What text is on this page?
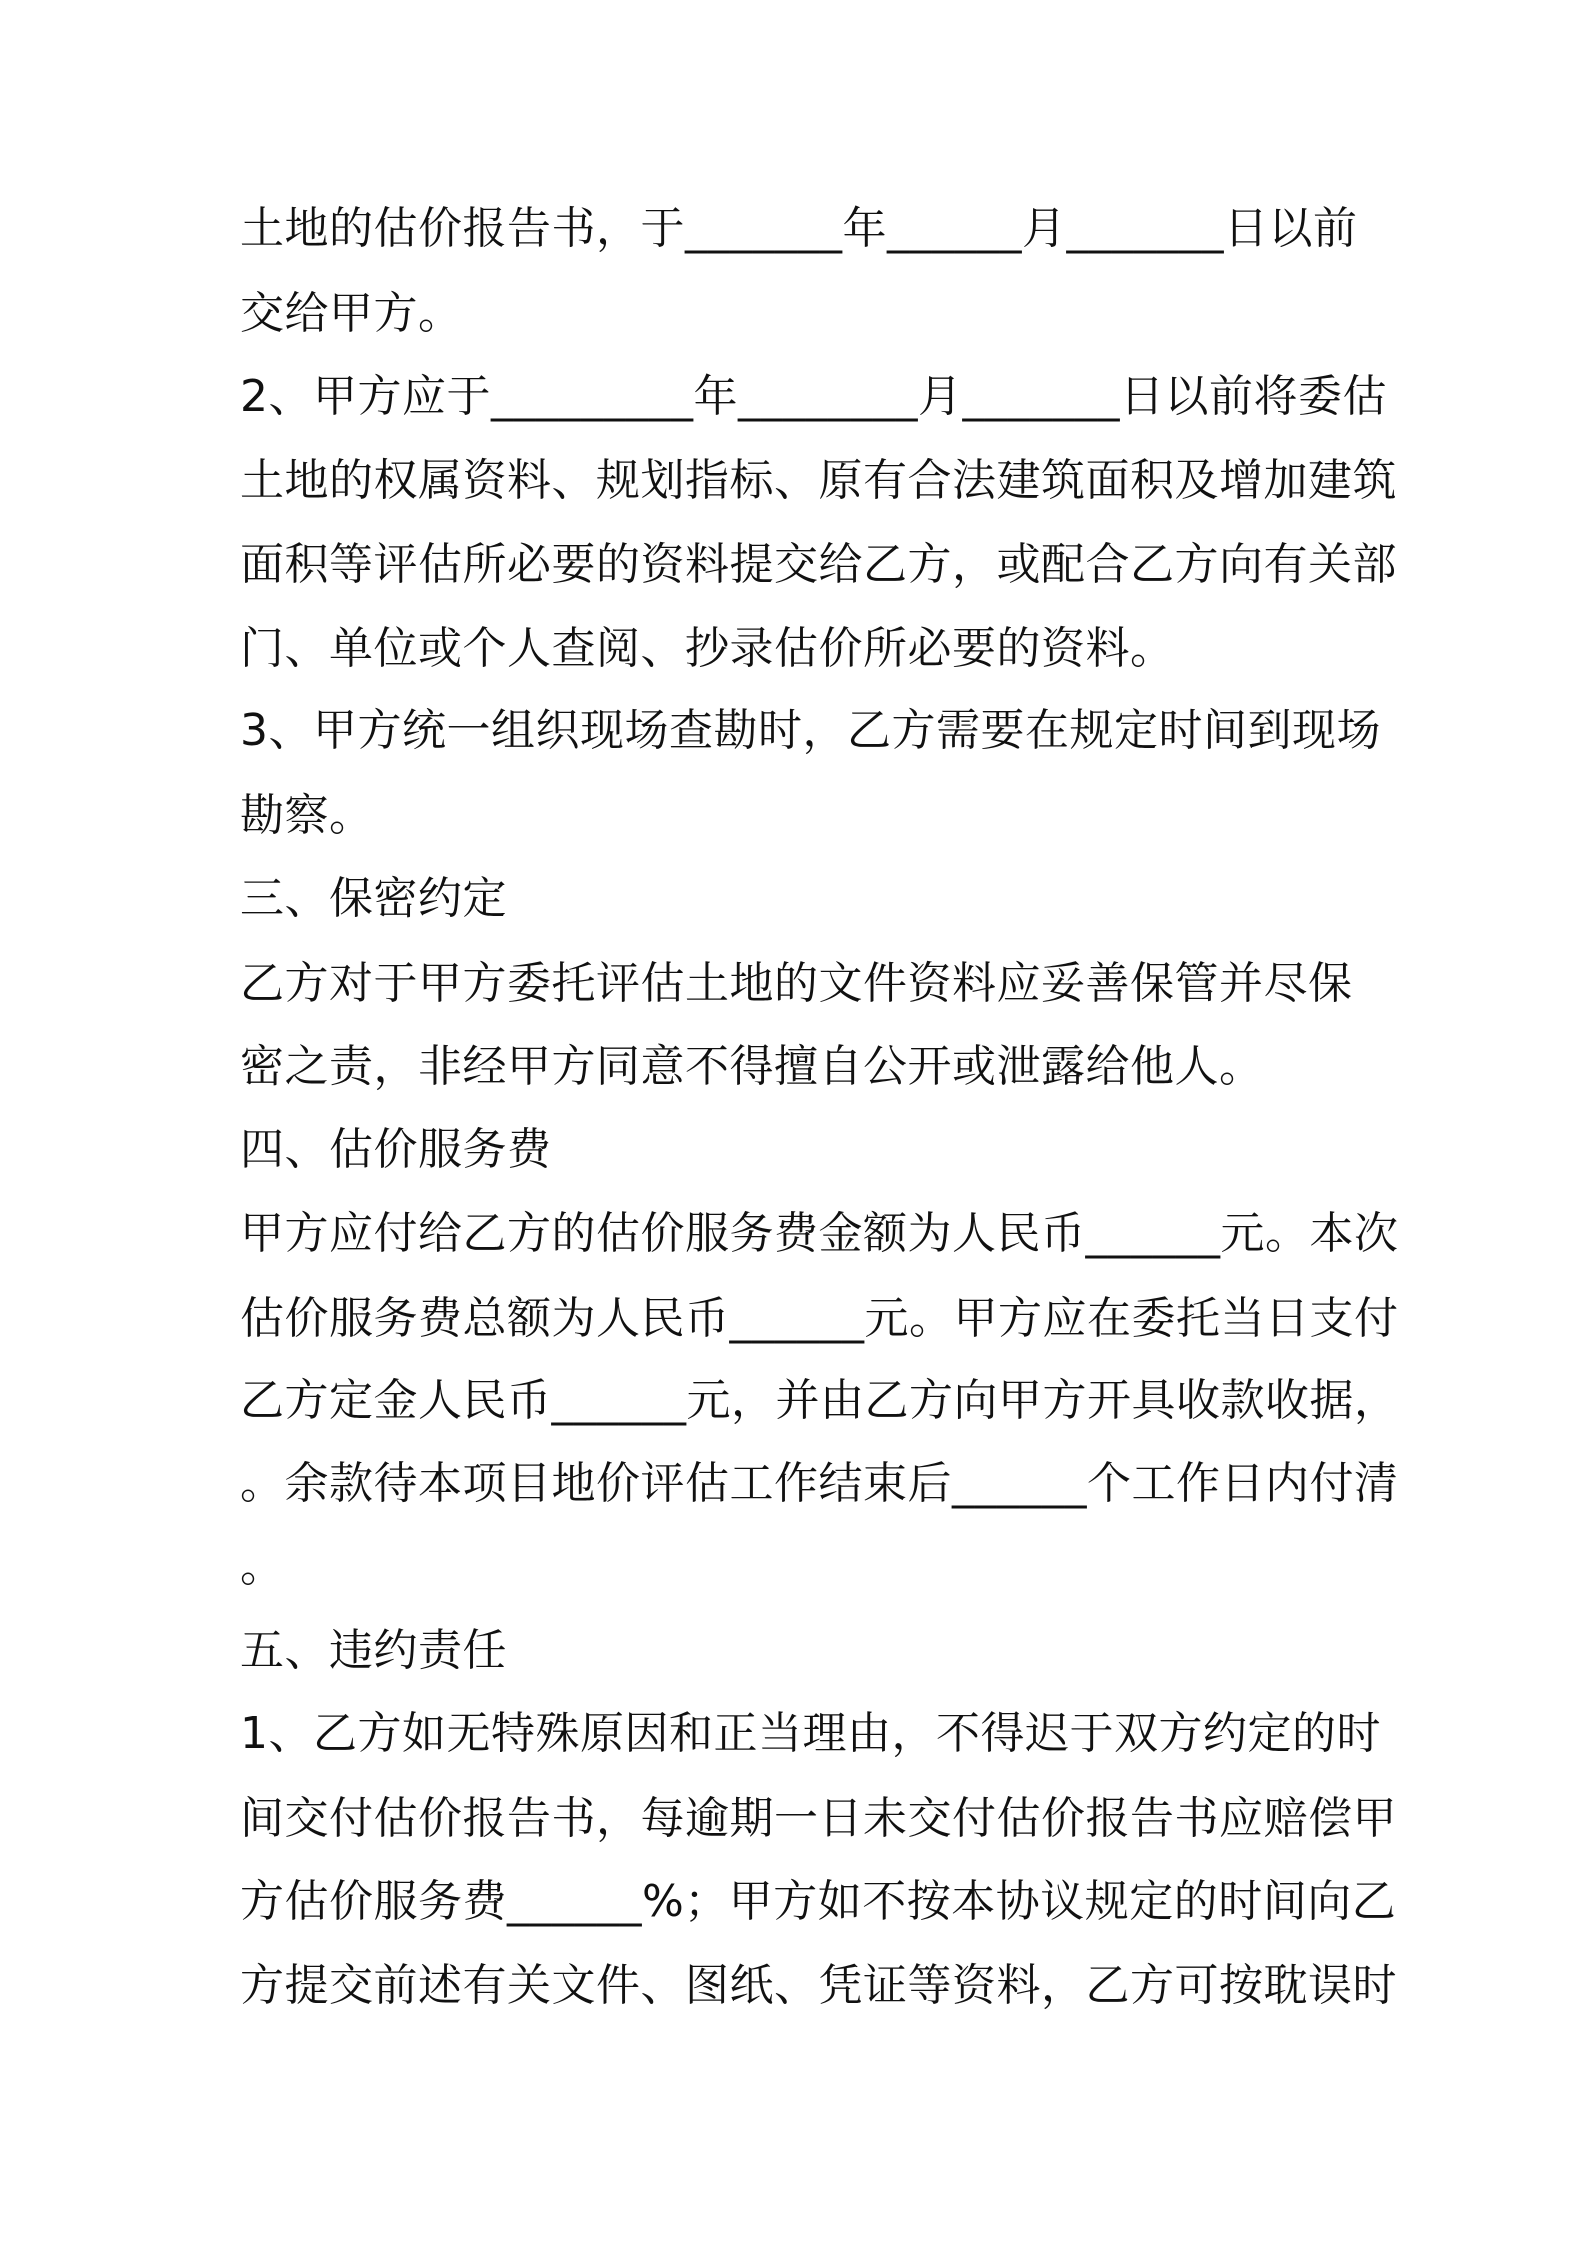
土地的估价报告书，于_______年______月_______日以前
交给甲方。
2、甲方应于_________年________月_______日以前将委估
土地的权属资料、规划指标、原有合法建筑面积及增加建筑
面积等评估所必要的资料提交给乙方，或配合乙方向有关部
门、单位或个人查阅、抄录估价所必要的资料。
3、甲方统一组织现场查勘时，乙方需要在规定时间到现场
勘察。
三、保密约定
乙方对于甲方委托评估土地的文件资料应妥善保管并尽保
密之责，非经甲方同意不得擅自公开或泄露给他人。
四、估价服务费
甲方应付给乙方的估价服务费金额为人民币______元。本次
估价服务费总额为人民币______元。甲方应在委托当日支付
乙方定金人民币______元，并由乙方向甲方开具收款收据，
。余款待本项目地价评估工作结束后______个工作日内付清
。
五、违约责任
1、乙方如无特殊原因和正当理由，不得迟于双方约定的时
间交付估价报告书，每逾期一日未交付估价报告书应赔偿甲
方估价服务费______%；甲方如不按本协议规定的时间向乙
方提交前述有关文件、图纸、凭证等资料，乙方可按耽误时
